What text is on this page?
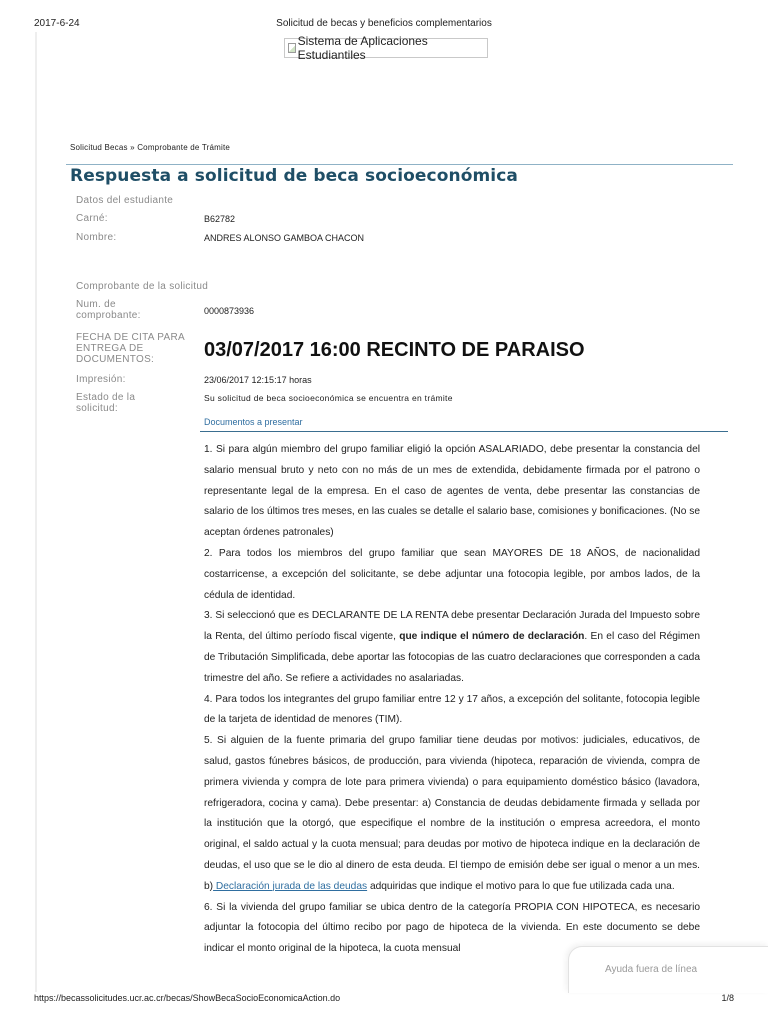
2017-6-24	Solicitud de becas y beneficios complementarios
Sistema de Aplicaciones Estudiantiles
Solicitud Becas » Comprobante de Trámite
Respuesta a solicitud de beca socioeconómica
Datos del estudiante
Carné:	B62782
Nombre:	ANDRES ALONSO GAMBOA CHACON
Comprobante de la solicitud
Num. de comprobante:	0000873936
FECHA DE CITA PARA ENTREGA DE DOCUMENTOS:	03/07/2017 16:00 RECINTO DE PARAISO
Impresión:	23/06/2017 12:15:17 horas
Estado de la solicitud:
Su solicitud de beca socioeconómica se encuentra en trámite
Documentos a presentar

1. Si para algún miembro del grupo familiar eligió la opción ASALARIADO, debe presentar la constancia del salario mensual bruto y neto con no más de un mes de extendida, debidamente firmada por el patrono o representante legal de la empresa. En el caso de agentes de venta, debe presentar las constancias de salario de los últimos tres meses, en las cuales se detalle el salario base, comisiones y bonificaciones. (No se aceptan órdenes patronales)

2. Para todos los miembros del grupo familiar que sean MAYORES DE 18 AÑOS, de nacionalidad costarricense, a excepción del solicitante, se debe adjuntar una fotocopia legible, por ambos lados, de la cédula de identidad.

3. Si seleccionó que es DECLARANTE DE LA RENTA debe presentar Declaración Jurada del Impuesto sobre la Renta, del último período fiscal vigente, que indique el número de declaración. En el caso del Régimen de Tributación Simplificada, debe aportar las fotocopias de las cuatro declaraciones que corresponden a cada trimestre del año. Se refiere a actividades no asalariadas.

4. Para todos los integrantes del grupo familiar entre 12 y 17 años, a excepción del solitante, fotocopia legible de la tarjeta de identidad de menores (TIM).

5. Si alguien de la fuente primaria del grupo familiar tiene deudas por motivos: judiciales, educativos, de salud, gastos fúnebres básicos, de producción, para vivienda (hipoteca, reparación de vivienda, compra de primera vivienda y compra de lote para primera vivienda) o para equipamiento doméstico básico (lavadora, refrigeradora, cocina y cama). Debe presentar: a) Constancia de deudas debidamente firmada y sellada por la institución que la otorgó, que especifique el nombre de la institución o empresa acreedora, el monto original, el saldo actual y la cuota mensual; para deudas por motivo de hipoteca indique en la declaración de deudas, el uso que se le dio al dinero de esta deuda. El tiempo de emisión debe ser igual o menor a un mes. b) Declaración jurada de las deudas adquiridas que indique el motivo para lo que fue utilizada cada una.

6. Si la vivienda del grupo familiar se ubica dentro de la categoría PROPIA CON HIPOTECA, es necesario adjuntar la fotocopia del último recibo por pago de hipoteca de la vivienda. En este documento se debe indicar el monto original de la hipoteca, la cuota mensual

Ayuda fuera de línea
https://becassolicitudes.ucr.ac.cr/becas/ShowBecaSocioEconomicaAction.do	1/8
